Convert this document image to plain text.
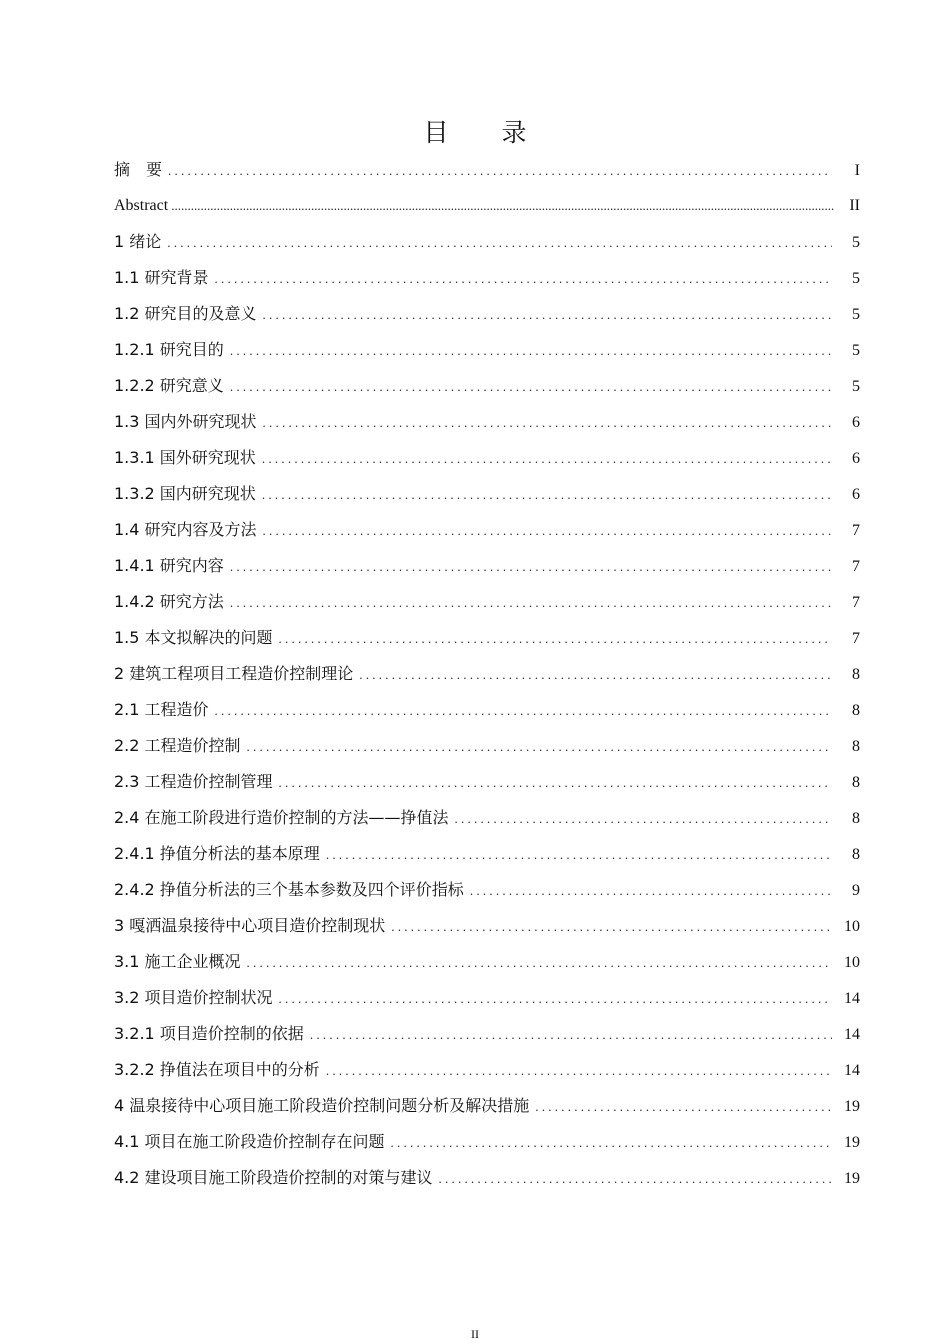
目　录
摘　要 . . .	I
Abstract .....	II
1 绪论 . . .	5
1.1 研究背景 . . .	5
1.2 研究目的及意义 . . .	5
1.2.1 研究目的 . . .	5
1.2.2 研究意义 . . .	5
1.3 国内外研究现状 . . .	6
1.3.1 国外研究现状 . . .	6
1.3.2 国内研究现状 . . .	6
1.4 研究内容及方法 . . .	7
1.4.1 研究内容 . . .	7
1.4.2 研究方法 . . .	7
1.5 本文拟解决的问题 . . .	7
2 建筑工程项目工程造价控制理论 . . .	8
2.1 工程造价 . . .	8
2.2 工程造价控制 . . .	8
2.3 工程造价控制管理 . . .	8
2.4 在施工阶段进行造价控制的方法——挣值法 . . .	8
2.4.1 挣值分析法的基本原理 . . .	8
2.4.2 挣值分析法的三个基本参数及四个评价指标 . . .	9
3 嘎洒温泉接待中心项目造价控制现状 . . .	10
3.1 施工企业概况 . . .	10
3.2 项目造价控制状况 . . .	14
3.2.1 项目造价控制的依据 . . .	14
3.2.2 挣值法在项目中的分析 . . .	14
4 温泉接待中心项目施工阶段造价控制问题分析及解决措施 . . .	19
4.1 项目在施工阶段造价控制存在问题 . . .	19
4.2 建设项目施工阶段造价控制的对策与建议 . . .	19
II
